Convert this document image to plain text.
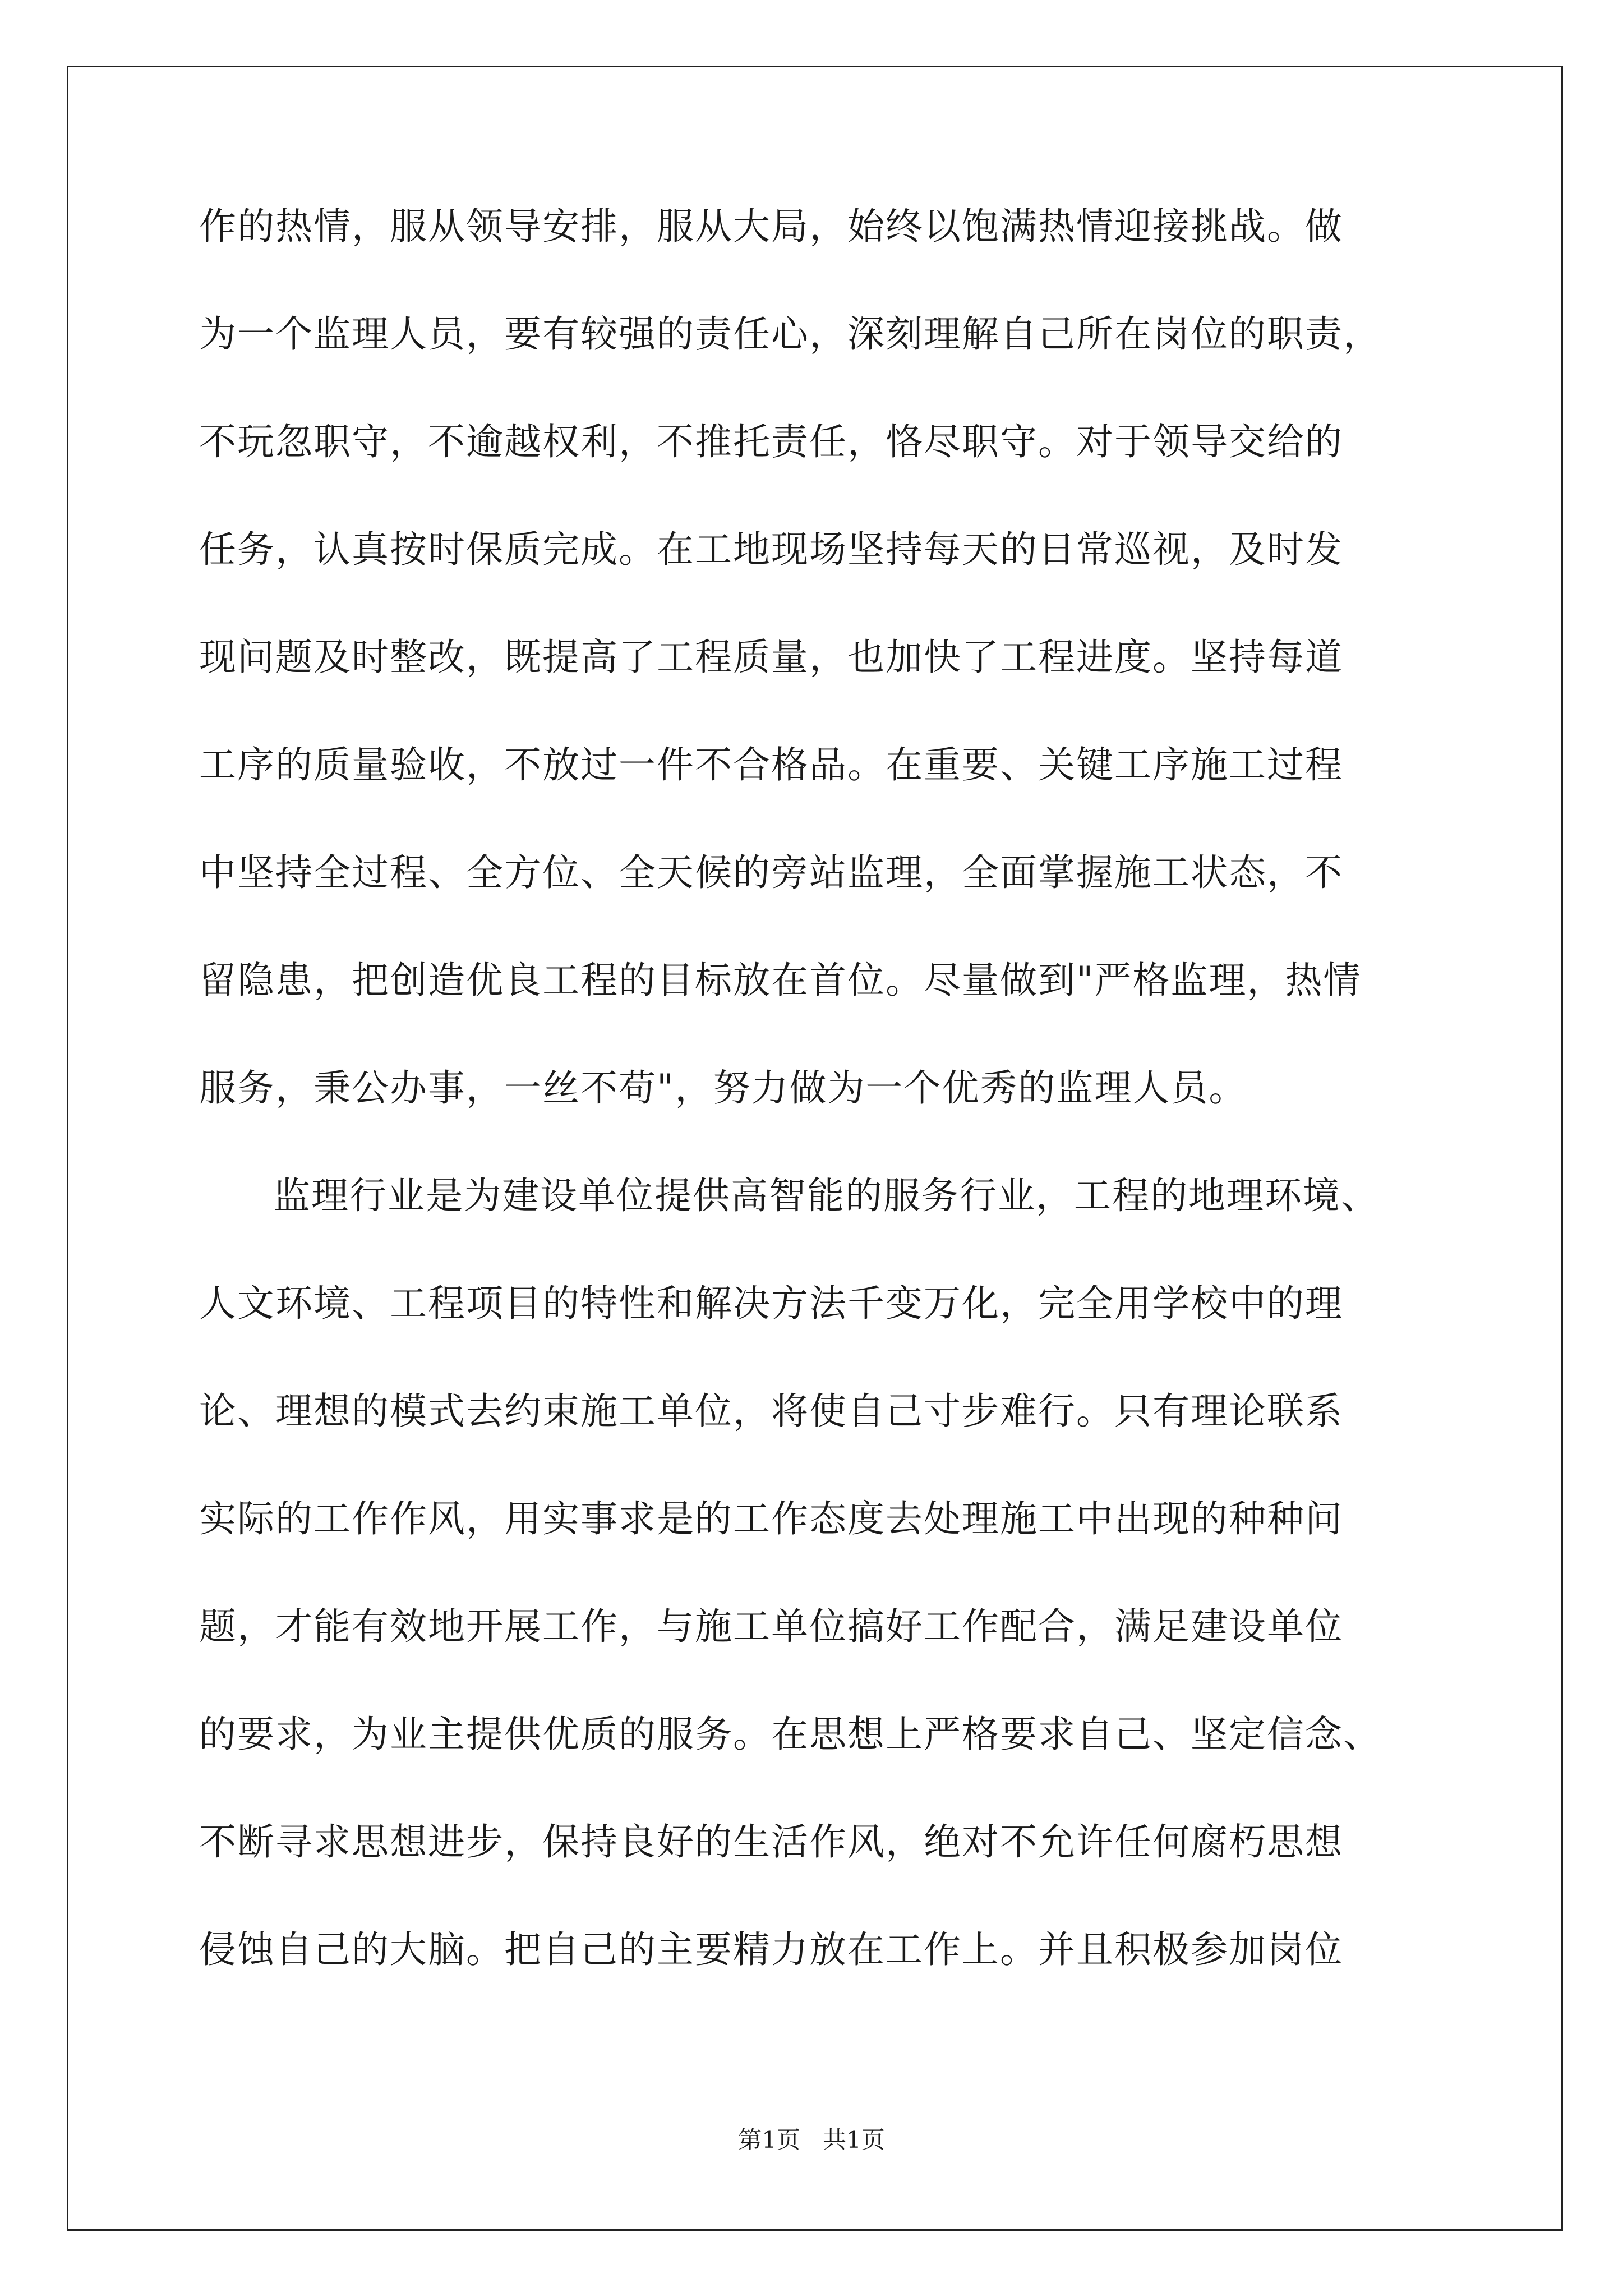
作的热情，服从领导安排，服从大局，始终以饱满热情迎接挑战。做
为一个监理人员，要有较强的责任心，深刻理解自己所在岗位的职责，
不玩忽职守，不逾越权利，不推托责任，恪尽职守。对于领导交给的
任务，认真按时保质完成。在工地现场坚持每天的日常巡视，及时发
现问题及时整改，既提高了工程质量，也加快了工程进度。坚持每道
工序的质量验收，不放过一件不合格品。在重要、关键工序施工过程
中坚持全过程、全方位、全天候的旁站监理，全面掌握施工状态，不
留隐患，把创造优良工程的目标放在首位。尽量做到"严格监理，热情
服务，秉公办事，一丝不苟"，努力做为一个优秀的监理人员。
监理行业是为建设单位提供高智能的服务行业，工程的地理环境、
人文环境、工程项目的特性和解决方法千变万化，完全用学校中的理
论、理想的模式去约束施工单位，将使自己寸步难行。只有理论联系
实际的工作作风，用实事求是的工作态度去处理施工中出现的种种问
题，才能有效地开展工作，与施工单位搞好工作配合，满足建设单位
的要求，为业主提供优质的服务。在思想上严格要求自己、坚定信念、
不断寻求思想进步，保持良好的生活作风，绝对不允许任何腐朽思想
侵蚀自己的大脑。把自己的主要精力放在工作上。并且积极参加岗位
第1页   共1页
